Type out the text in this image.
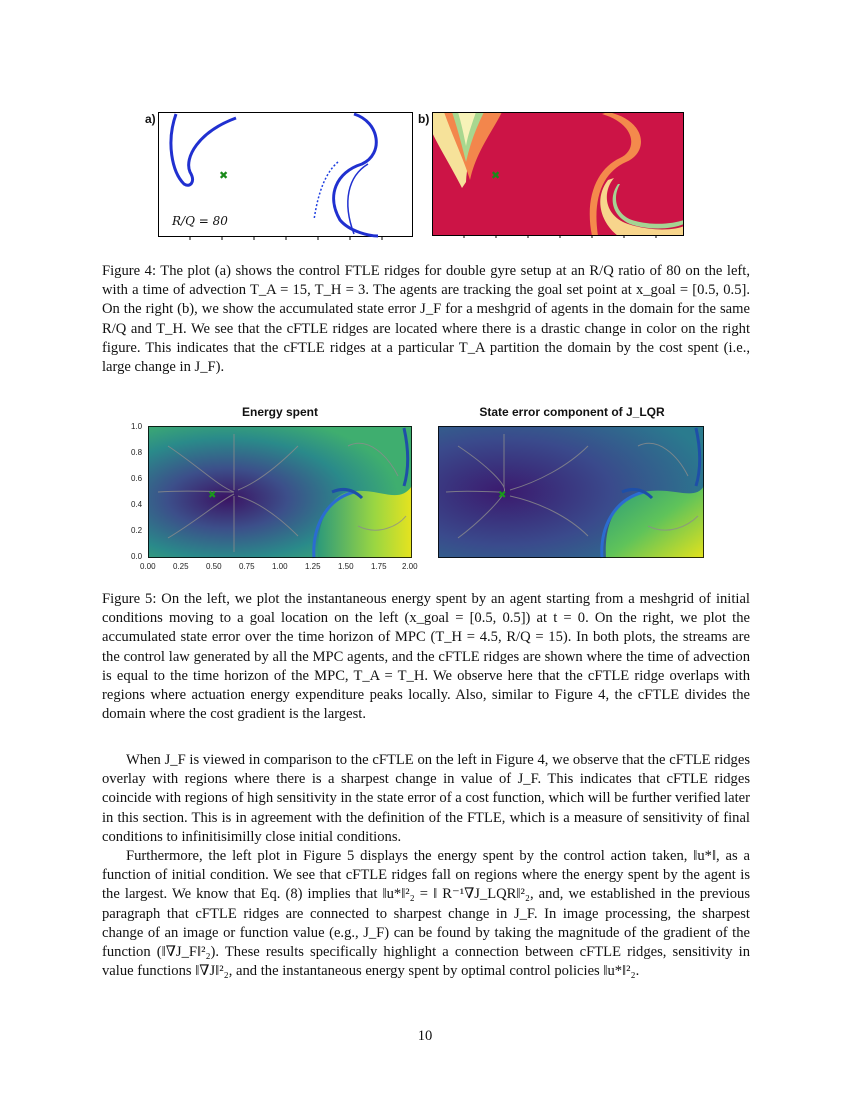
a)	b)
✖
R/Q = 80
✖
Figure 4: The plot (a) shows the control FTLE ridges for double gyre setup at an R/Q ratio of 80 on the left, with a time of advection T_A = 15, T_H = 3. The agents are tracking the goal set point at x_goal = [0.5, 0.5]. On the right (b), we show the accumulated state error J_F for a meshgrid of agents in the domain for the same R/Q and T_H. We see that the cFTLE ridges are located where there is a drastic change in color on the right figure. This indicates that the cFTLE ridges at a particular T_A partition the domain by the cost spent (i.e., large change in J_F).
Energy spent	State error component of J_LQR
1.0
0.8
0.6
0.4
0.2
0.0
✖	✖
0.00 0.25 0.50 0.75 1.00 1.25 1.50 1.75 2.00
Figure 5: On the left, we plot the instantaneous energy spent by an agent starting from a meshgrid of initial conditions moving to a goal location on the left (x_goal = [0.5, 0.5]) at t = 0. On the right, we plot the accumulated state error over the time horizon of MPC (T_H = 4.5, R/Q = 15). In both plots, the streams are the control law generated by all the MPC agents, and the cFTLE ridges are shown where the time of advection is equal to the time horizon of the MPC, T_A = T_H. We observe here that the cFTLE ridge overlaps with regions where actuation energy expenditure peaks locally. Also, similar to Figure 4, the cFTLE divides the domain where the cost gradient is the largest.

When J_F is viewed in comparison to the cFTLE on the left in Figure 4, we observe that the cFTLE ridges overlay with regions where there is a sharpest change in value of J_F. This indicates that cFTLE ridges coincide with regions of high sensitivity in the state error of a cost function, which will be further verified later in this section. This is in agreement with the definition of the FTLE, which is a measure of sensitivity of final conditions to infinitisimilly close initial conditions.

Furthermore, the left plot in Figure 5 displays the energy spent by the control action taken, ‖u*‖, as a function of initial condition. We see that cFTLE ridges fall on regions where the energy spent by the agent is the largest. We know that Eq. (8) implies that ‖u*‖²₂ = ‖ R⁻¹∇J_LQR‖²₂, and, we established in the previous paragraph that cFTLE ridges are connected to sharpest change in J_F. In image processing, the sharpest change of an image or function value (e.g., J_F) can be found by taking the magnitude of the gradient of the function (‖∇J_F‖²₂). These results specifically highlight a connection between cFTLE ridges, sensitivity in value functions ‖∇J‖²₂, and the instantaneous energy spent by optimal control policies ‖u*‖²₂.

10
